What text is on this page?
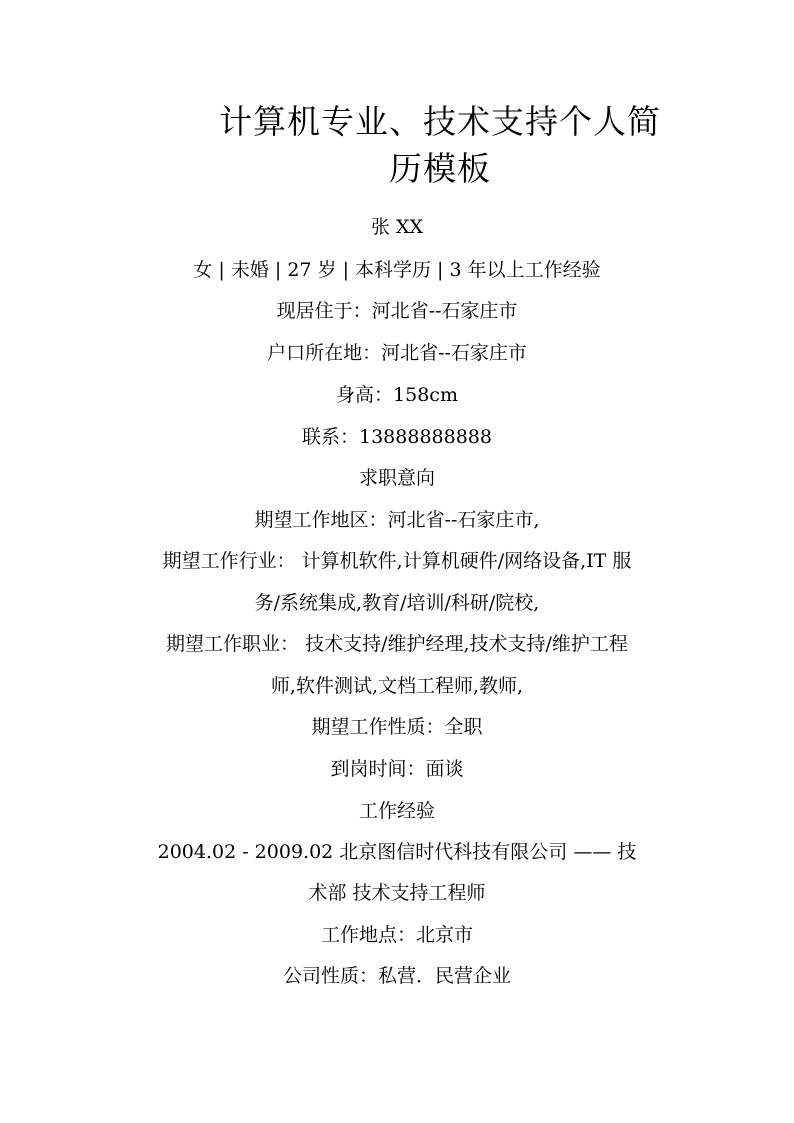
计算机专业、技术支持个人简
历模板
张 XX
女 | 未婚 | 27 岁 | 本科学历 | 3 年以上工作经验
现居住于：河北省--石家庄市
户口所在地：河北省--石家庄市
身高：158cm
联系：13888888888
求职意向
期望工作地区：河北省--石家庄市,
期望工作行业： 计算机软件,计算机硬件/网络设备,IT 服
务/系统集成,教育/培训/科研/院校,
期望工作职业： 技术支持/维护经理,技术支持/维护工程
师,软件测试,文档工程师,教师,
期望工作性质：全职
到岗时间：面谈
工作经验
2004.02 - 2009.02 北京图信时代科技有限公司 —— 技
术部 技术支持工程师
工作地点：北京市
公司性质：私营．民营企业
